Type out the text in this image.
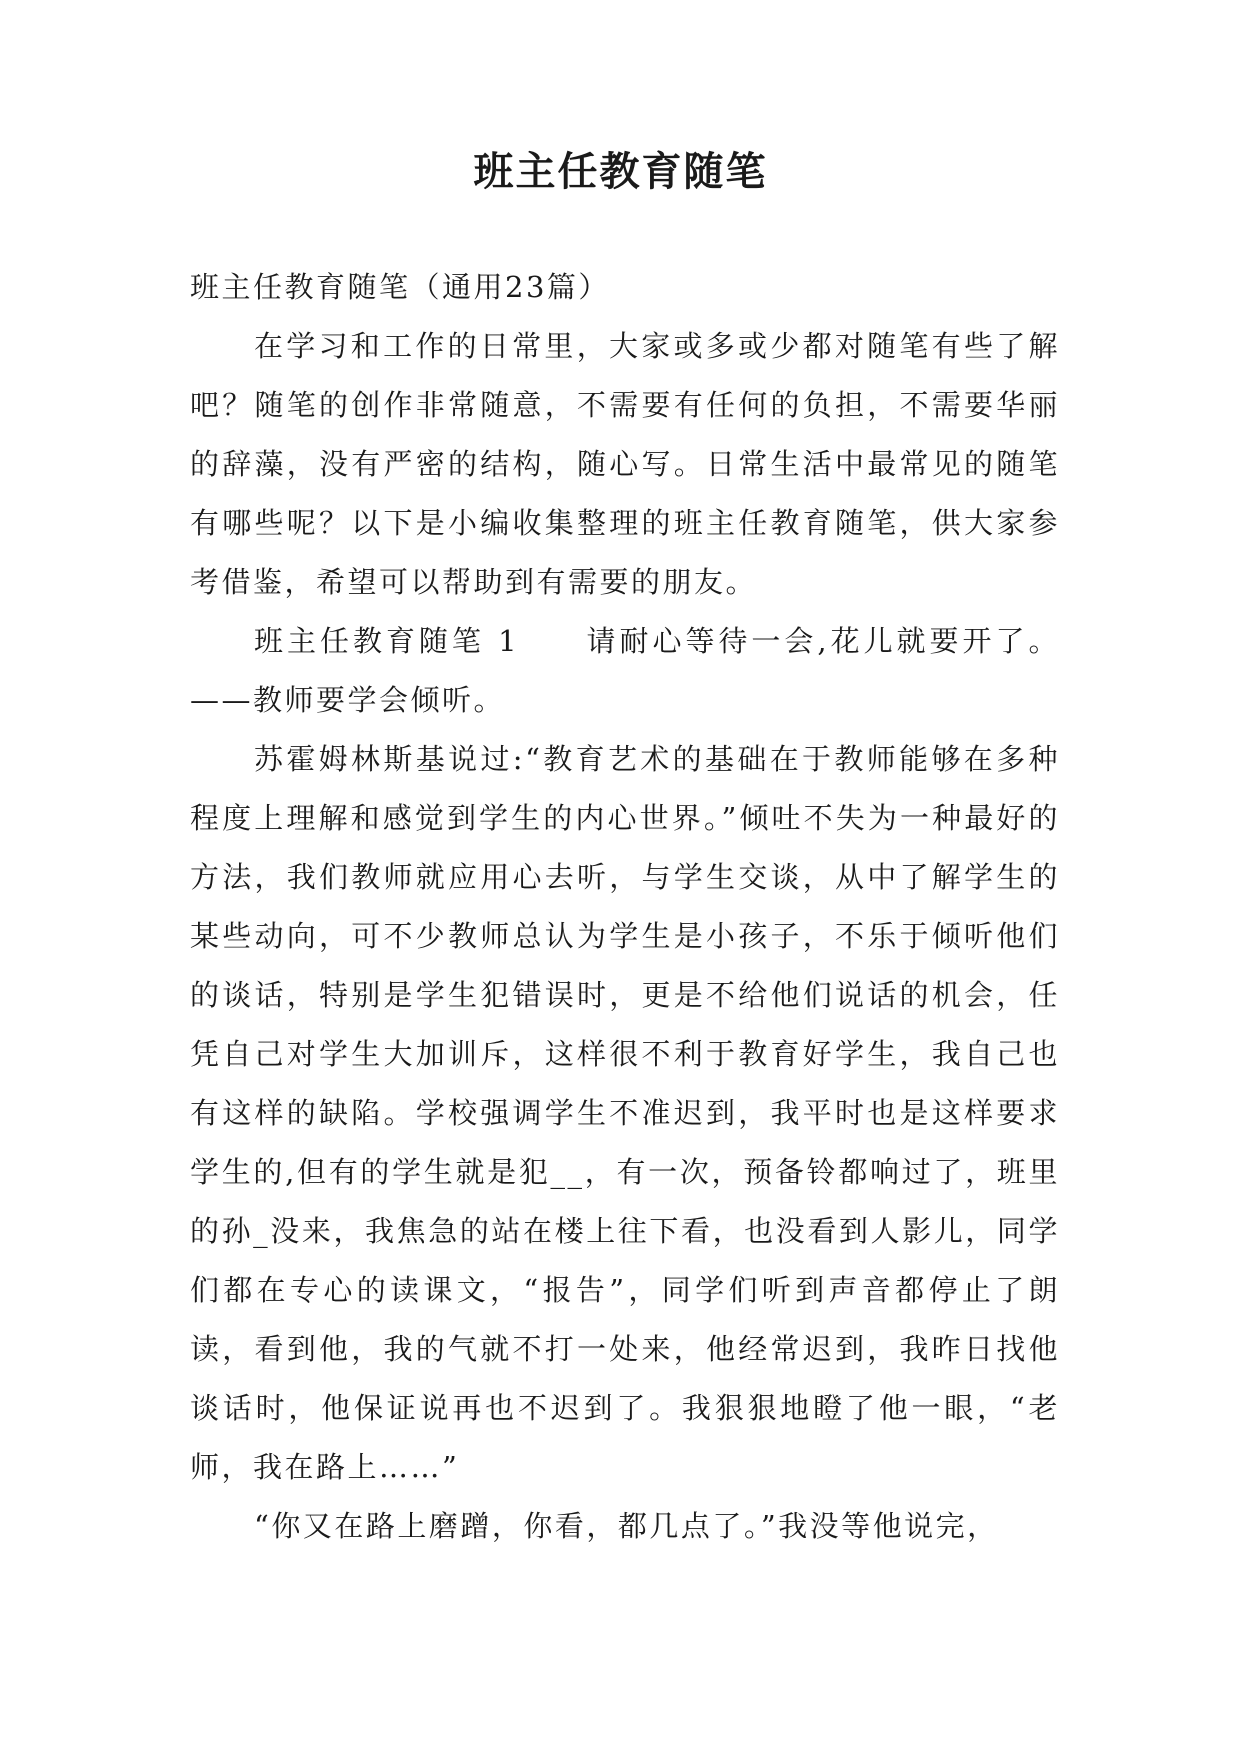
班主任教育随笔

班主任教育随笔（通用23篇）

在学习和工作的日常里，大家或多或少都对随笔有些了解吧？随笔的创作非常随意，不需要有任何的负担，不需要华丽的辞藻，没有严密的结构，随心写。日常生活中最常见的随笔有哪些呢？以下是小编收集整理的班主任教育随笔，供大家参考借鉴，希望可以帮助到有需要的朋友。

班主任教育随笔 1　　请耐心等待一会,花儿就要开了。——教师要学会倾听。

苏霍姆林斯基说过:“教育艺术的基础在于教师能够在多种程度上理解和感觉到学生的内心世界。”倾吐不失为一种最好的方法，我们教师就应用心去听，与学生交谈，从中了解学生的某些动向，可不少教师总认为学生是小孩子，不乐于倾听他们的谈话，特别是学生犯错误时，更是不给他们说话的机会，任凭自己对学生大加训斥，这样很不利于教育好学生，我自己也有这样的缺陷。学校强调学生不准迟到，我平时也是这样要求学生的,但有的学生就是犯__，有一次，预备铃都响过了，班里的孙_没来，我焦急的站在楼上往下看，也没看到人影儿，同学们都在专心的读课文，“报告”，同学们听到声音都停止了朗读，看到他，我的气就不打一处来，他经常迟到，我昨日找他谈话时，他保证说再也不迟到了。我狠狠地瞪了他一眼，“老师，我在路上……”

“你又在路上磨蹭，你看，都几点了。”我没等他说完，
